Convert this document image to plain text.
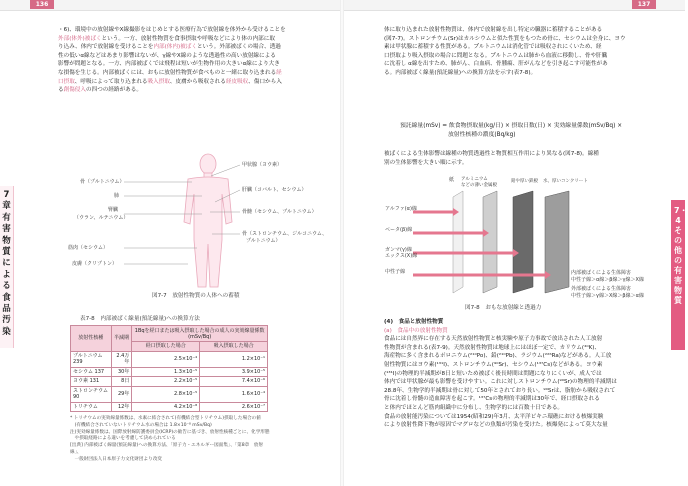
136	137
7章　有害物質による食品汚染
7・4 その他の有害物質
・6)、環境中の放射線やX線撮影をはじめとする医療行為で放射線を体外から受けることを
外部(体外)被ばくという。一方、放射性物質を食事摂取や呼吸などにより体の内部に取
り込み、体内で放射線を受けることを内部(体内)被ばくという。外部被ばくの場合、透過
性の低いα線などはあまり影響はないが、γ線やX線のような透過性の高い放射線による
影響が問題となる。一方、内部被ばくでは飛程は短いが生物作用の大きいα線により大き
な損傷を生じる。内部被ばくには、おもに放射性物質が食べものと一緒に取り込まれる経
口摂取、呼吸によって取り込まれる吸入摂取、皮膚から吸収される経皮吸収、傷口から入
る創傷侵入の四つの経路がある。
骨（プルトニウム）
肺
腎臓
（ウラン、ルテニウム）
筋肉（セシウム）
皮膚（クリプトン）
甲状腺（ヨウ素）
肝臓（コバルト、セシウム）
骨髄（セシウム、プルトニウム）
骨（ストロンチウム、ジルコニウム、
プルトニウム）
図7-7　放射性物質の人体への蓄積
表7-8　内部被ばく線量(預託線量)への換算方法
放射性核種	半減期	1Bqを経口または吸入摂取した場合の成人の実効線量係数(mSv/Bq)	
		経口摂取した場合	吸入摂取した場合
プルトニウム 239	2.4万年	2.5×10⁻⁴	1.2×10⁻¹
セシウム 137	30年	1.3×10⁻⁵	3.9×10⁻⁵
ヨウ素 131	8日	2.2×10⁻⁵	7.4×10⁻⁶
ストロンチウム 90	29年	2.8×10⁻⁵	1.6×10⁻⁴
トリチウム	12年	4.2×10⁻⁸	2.6×10⁻⁷
* トリチウムの実効線量係数は、水素に結合されて(有機結合型トリチウム)摂取した場合の値
　(有機結合されていないトリチウム水の場合は 1.8×10⁻⁸ mSv/Bq)
注)実効線量係数は、国際放射線防護委員会(ICRP)の勧告に基づき、放射性核種ごとに、化学形態
　や摂取経路による違いを考慮して決められている
[出典] 内部被ばく線量(預託線量)への換算方法、「原子力・エネルギー図面集」、「第8章　放射線」、
　一般財団法人日本原子力文化財団より改変
体に取り込まれた放射性物質は、体内で放射線を出し特定の臓器に蓄積することがある
(図7-7)。ストロンチウム(Sr)はカルシウムと似た性質をもつため骨に、セシウムは全身に、ヨウ
素は甲状腺に蓄積する性質がある。プルトニウムは消化管では吸収されにくいため、経
口摂取より吸入摂取の場合に問題となる。プルトニウムは肺から血液に移動し、骨や肝臓
に沈着し α線を出すため、肺がん、白血病、骨腫瘍、肝がんなどを引き起こす可能性があ
る。内部被ばく線量(預託線量)への換算方法を示す(表7-8)。
預託線量(mSv) = 飲食物摂取量(kg/日) × 摂取日数(日) × 実効線量係数(mSv/Bq) ×
放射性核種の濃度(Bq/kg)
被ばくによる生体影響は線種の物質透過性と物質相互作用により異なる(図7-8)。線種
別の生体影響を大きい順に示す。
紙 アルミニウム
などの薄い金属板
鉛や厚い鉄板 水、厚いコンクリート
アルファ(α)線
ベータ(β)線
ガンマ(γ)線
エックス(X)線
中性子線	内部被ばくによる生体障害
中性子線＞α線＞β線＞γ線＞X線
外部被ばくによる生体障害
中性子線＞γ線＞X線＞β線＞α線
図7-8　おもな放射線と透過力
(4)　食品と放射性物質
(a)　食品中の放射性物質
食品には自然界に存在する天然放射性物質と核実験や原子力事故で放出された人工放射
性物質が含まれる(表7-9)。天然放射性物質は地球上にはほぼ一定で、カリウム(⁴⁰K)、
海産物に多く含まれるポロニウム(²¹⁰Po)、鉛(²¹⁰Pb)、ラジウム(²²⁶Ra)などがある。人工放
射性物質にはヨウ素(¹³¹I)、ストロンチウム(⁹⁰Sr)、セシウム(¹³⁷Cs)などがある。ヨウ素
(¹³¹I)の物理的半減期が8日と短いため被ばく後長時間は問題になりにくいが、成人では
体内では甲状腺が最も影響を受けやすい。これに対しストロンチウム(⁹⁰Sr)の物理的半減期は
28.8年、生物学的半減期は骨に対して50年とされており長い。⁹⁰Srは、脂肪から吸収されて
骨に沈着し骨髄の造血障害を起こす。¹³⁷Csの物理的半減期は30年で、経口摂取される
と体内でほとんど筋肉組織中に分布し、生物学的には百数十日である。
食品の放射能汚染については1954(昭和29)年3月、太平洋ビキニ環礁における核爆実験
により放射性降下物が原因でマグロなどの魚類が汚染を受けた。核爆発によって莫大な量
